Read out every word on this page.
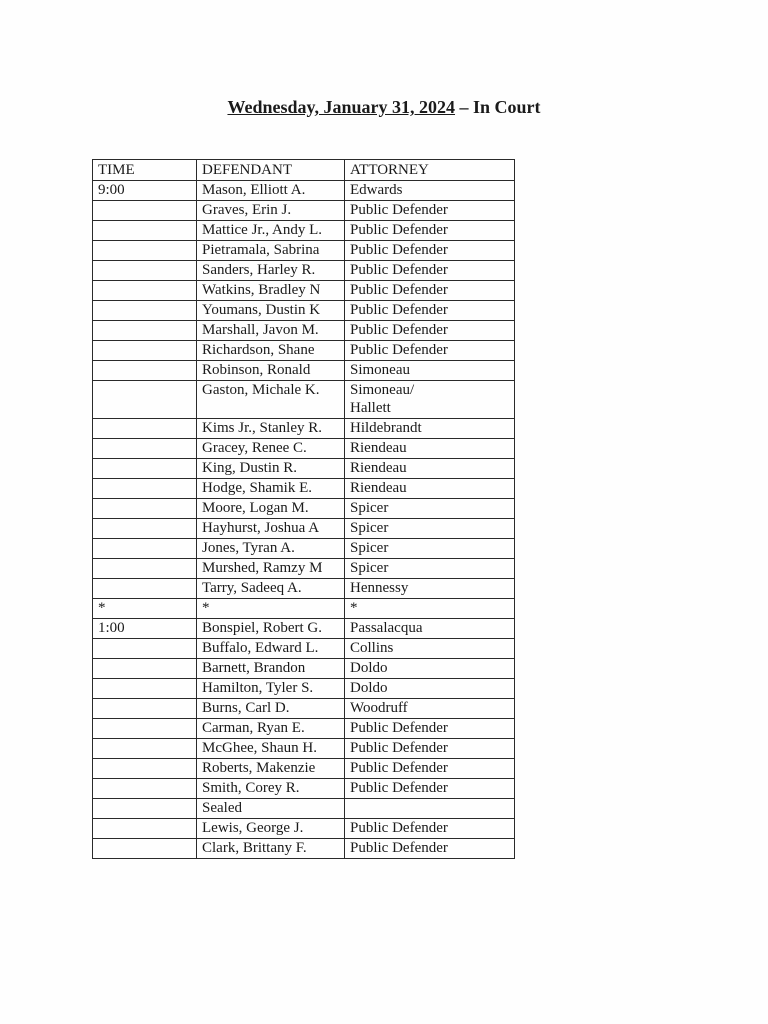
Wednesday, January 31, 2024 – In Court
TIME	DEFENDANT	ATTORNEY
9:00	Mason, Elliott A.	Edwards
	Graves, Erin J.	Public Defender
	Mattice Jr., Andy L.	Public Defender
	Pietramala, Sabrina	Public Defender
	Sanders, Harley R.	Public Defender
	Watkins, Bradley N	Public Defender
	Youmans, Dustin K	Public Defender
	Marshall, Javon M.	Public Defender
	Richardson, Shane	Public Defender
	Robinson, Ronald	Simoneau
	Gaston, Michale K.	Simoneau/
Hallett

	Kims Jr., Stanley R.	Hildebrandt
	Gracey, Renee C.	Riendeau
	King, Dustin R.	Riendeau
	Hodge, Shamik E.	Riendeau
	Moore, Logan M.	Spicer
	Hayhurst, Joshua A	Spicer
	Jones, Tyran A.	Spicer
	Murshed, Ramzy M	Spicer
	Tarry, Sadeeq A.	Hennessy
*	*	*
1:00	Bonspiel, Robert G.	Passalacqua
	Buffalo, Edward L.	Collins
	Barnett, Brandon	Doldo
	Hamilton, Tyler S.	Doldo
	Burns, Carl D.	Woodruff
	Carman, Ryan E.	Public Defender
	McGhee, Shaun H.	Public Defender
	Roberts, Makenzie	Public Defender
	Smith, Corey R.	Public Defender
	Sealed	
	Lewis, George J.	Public Defender
	Clark, Brittany F.	Public Defender
